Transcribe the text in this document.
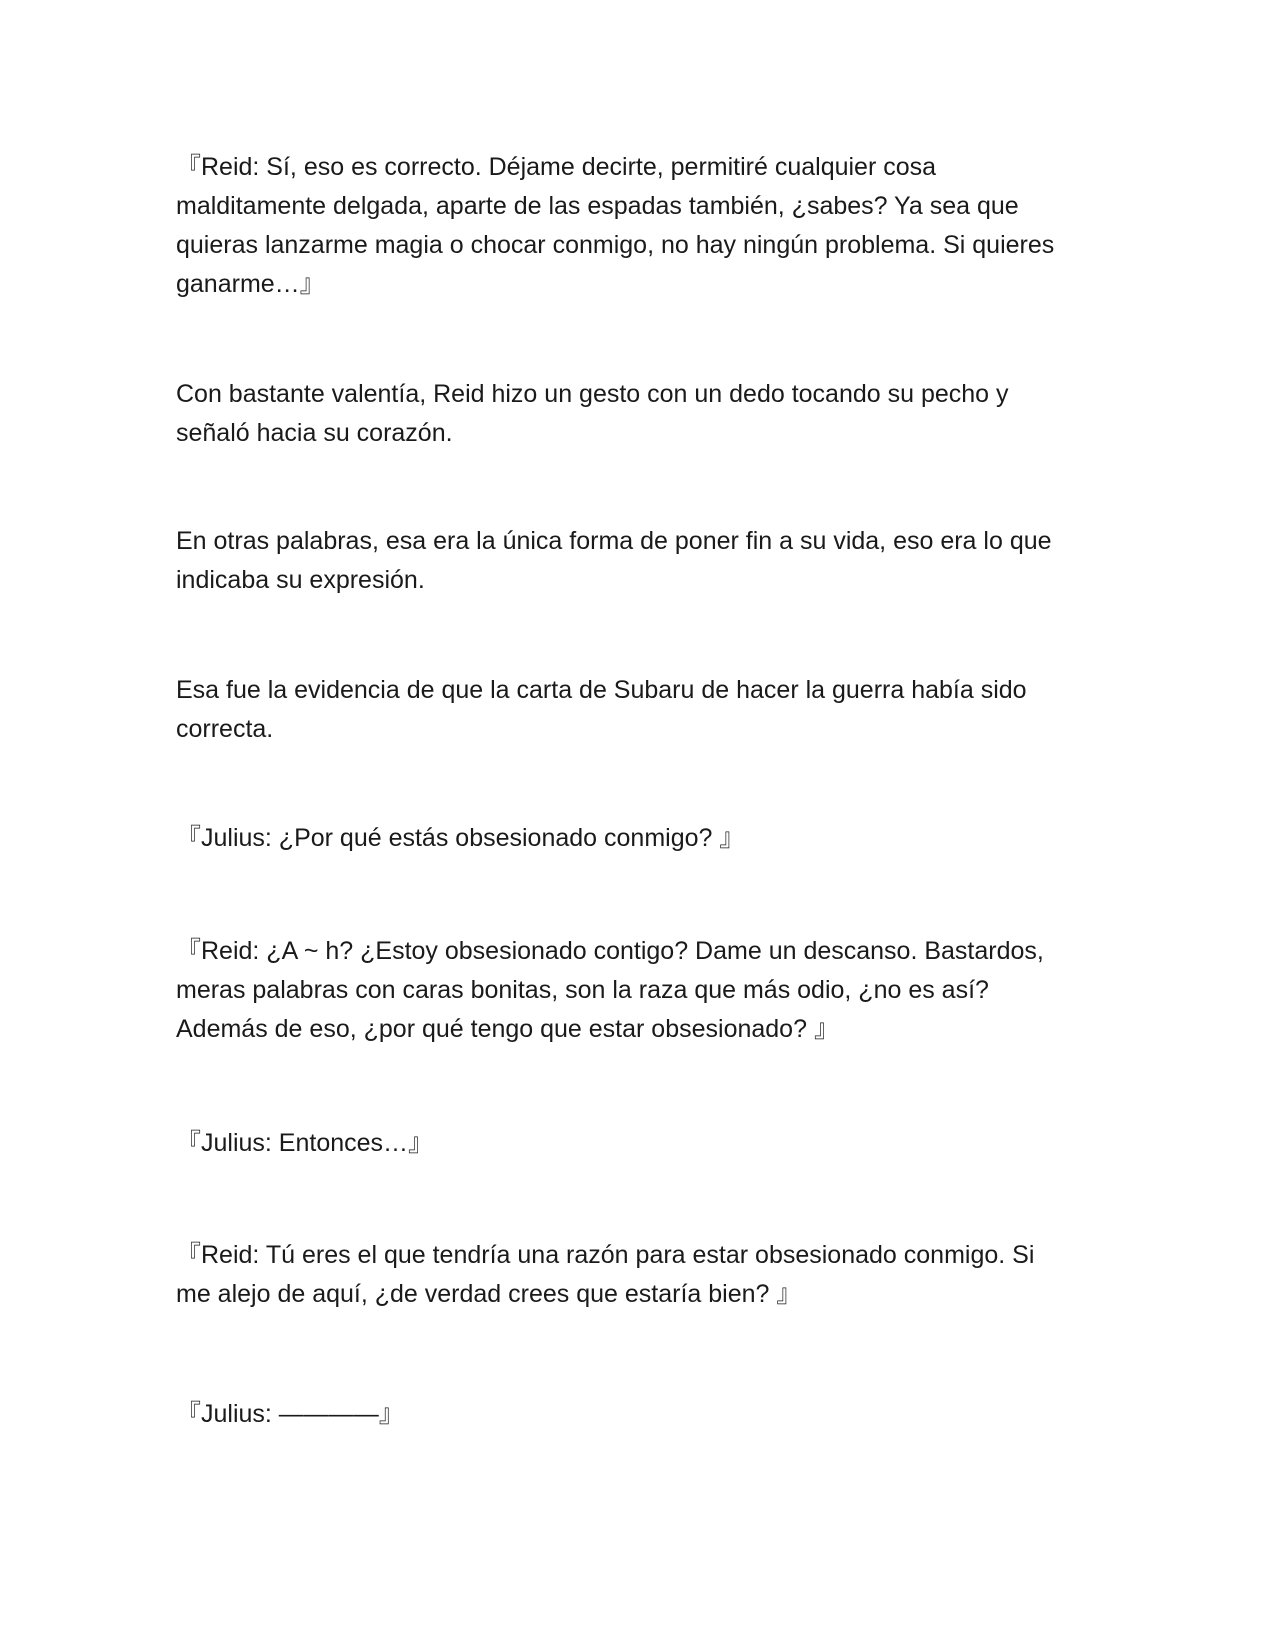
『Reid: Sí, eso es correcto. Déjame decirte, permitiré cualquier cosa malditamente delgada, aparte de las espadas también, ¿sabes? Ya sea que quieras lanzarme magia o chocar conmigo, no hay ningún problema. Si quieres ganarme…』

Con bastante valentía, Reid hizo un gesto con un dedo tocando su pecho y señaló hacia su corazón.

En otras palabras, esa era la única forma de poner fin a su vida, eso era lo que indicaba su expresión.

Esa fue la evidencia de que la carta de Subaru de hacer la guerra había sido correcta.

『Julius: ¿Por qué estás obsesionado conmigo? 』

『Reid: ¿A ~ h? ¿Estoy obsesionado contigo? Dame un descanso. Bastardos, meras palabras con caras bonitas, son la raza que más odio, ¿no es así? Además de eso, ¿por qué tengo que estar obsesionado? 』

『Julius: Entonces…』

『Reid: Tú eres el que tendría una razón para estar obsesionado conmigo. Si me alejo de aquí, ¿de verdad crees que estaría bien? 』

『Julius: ————』
